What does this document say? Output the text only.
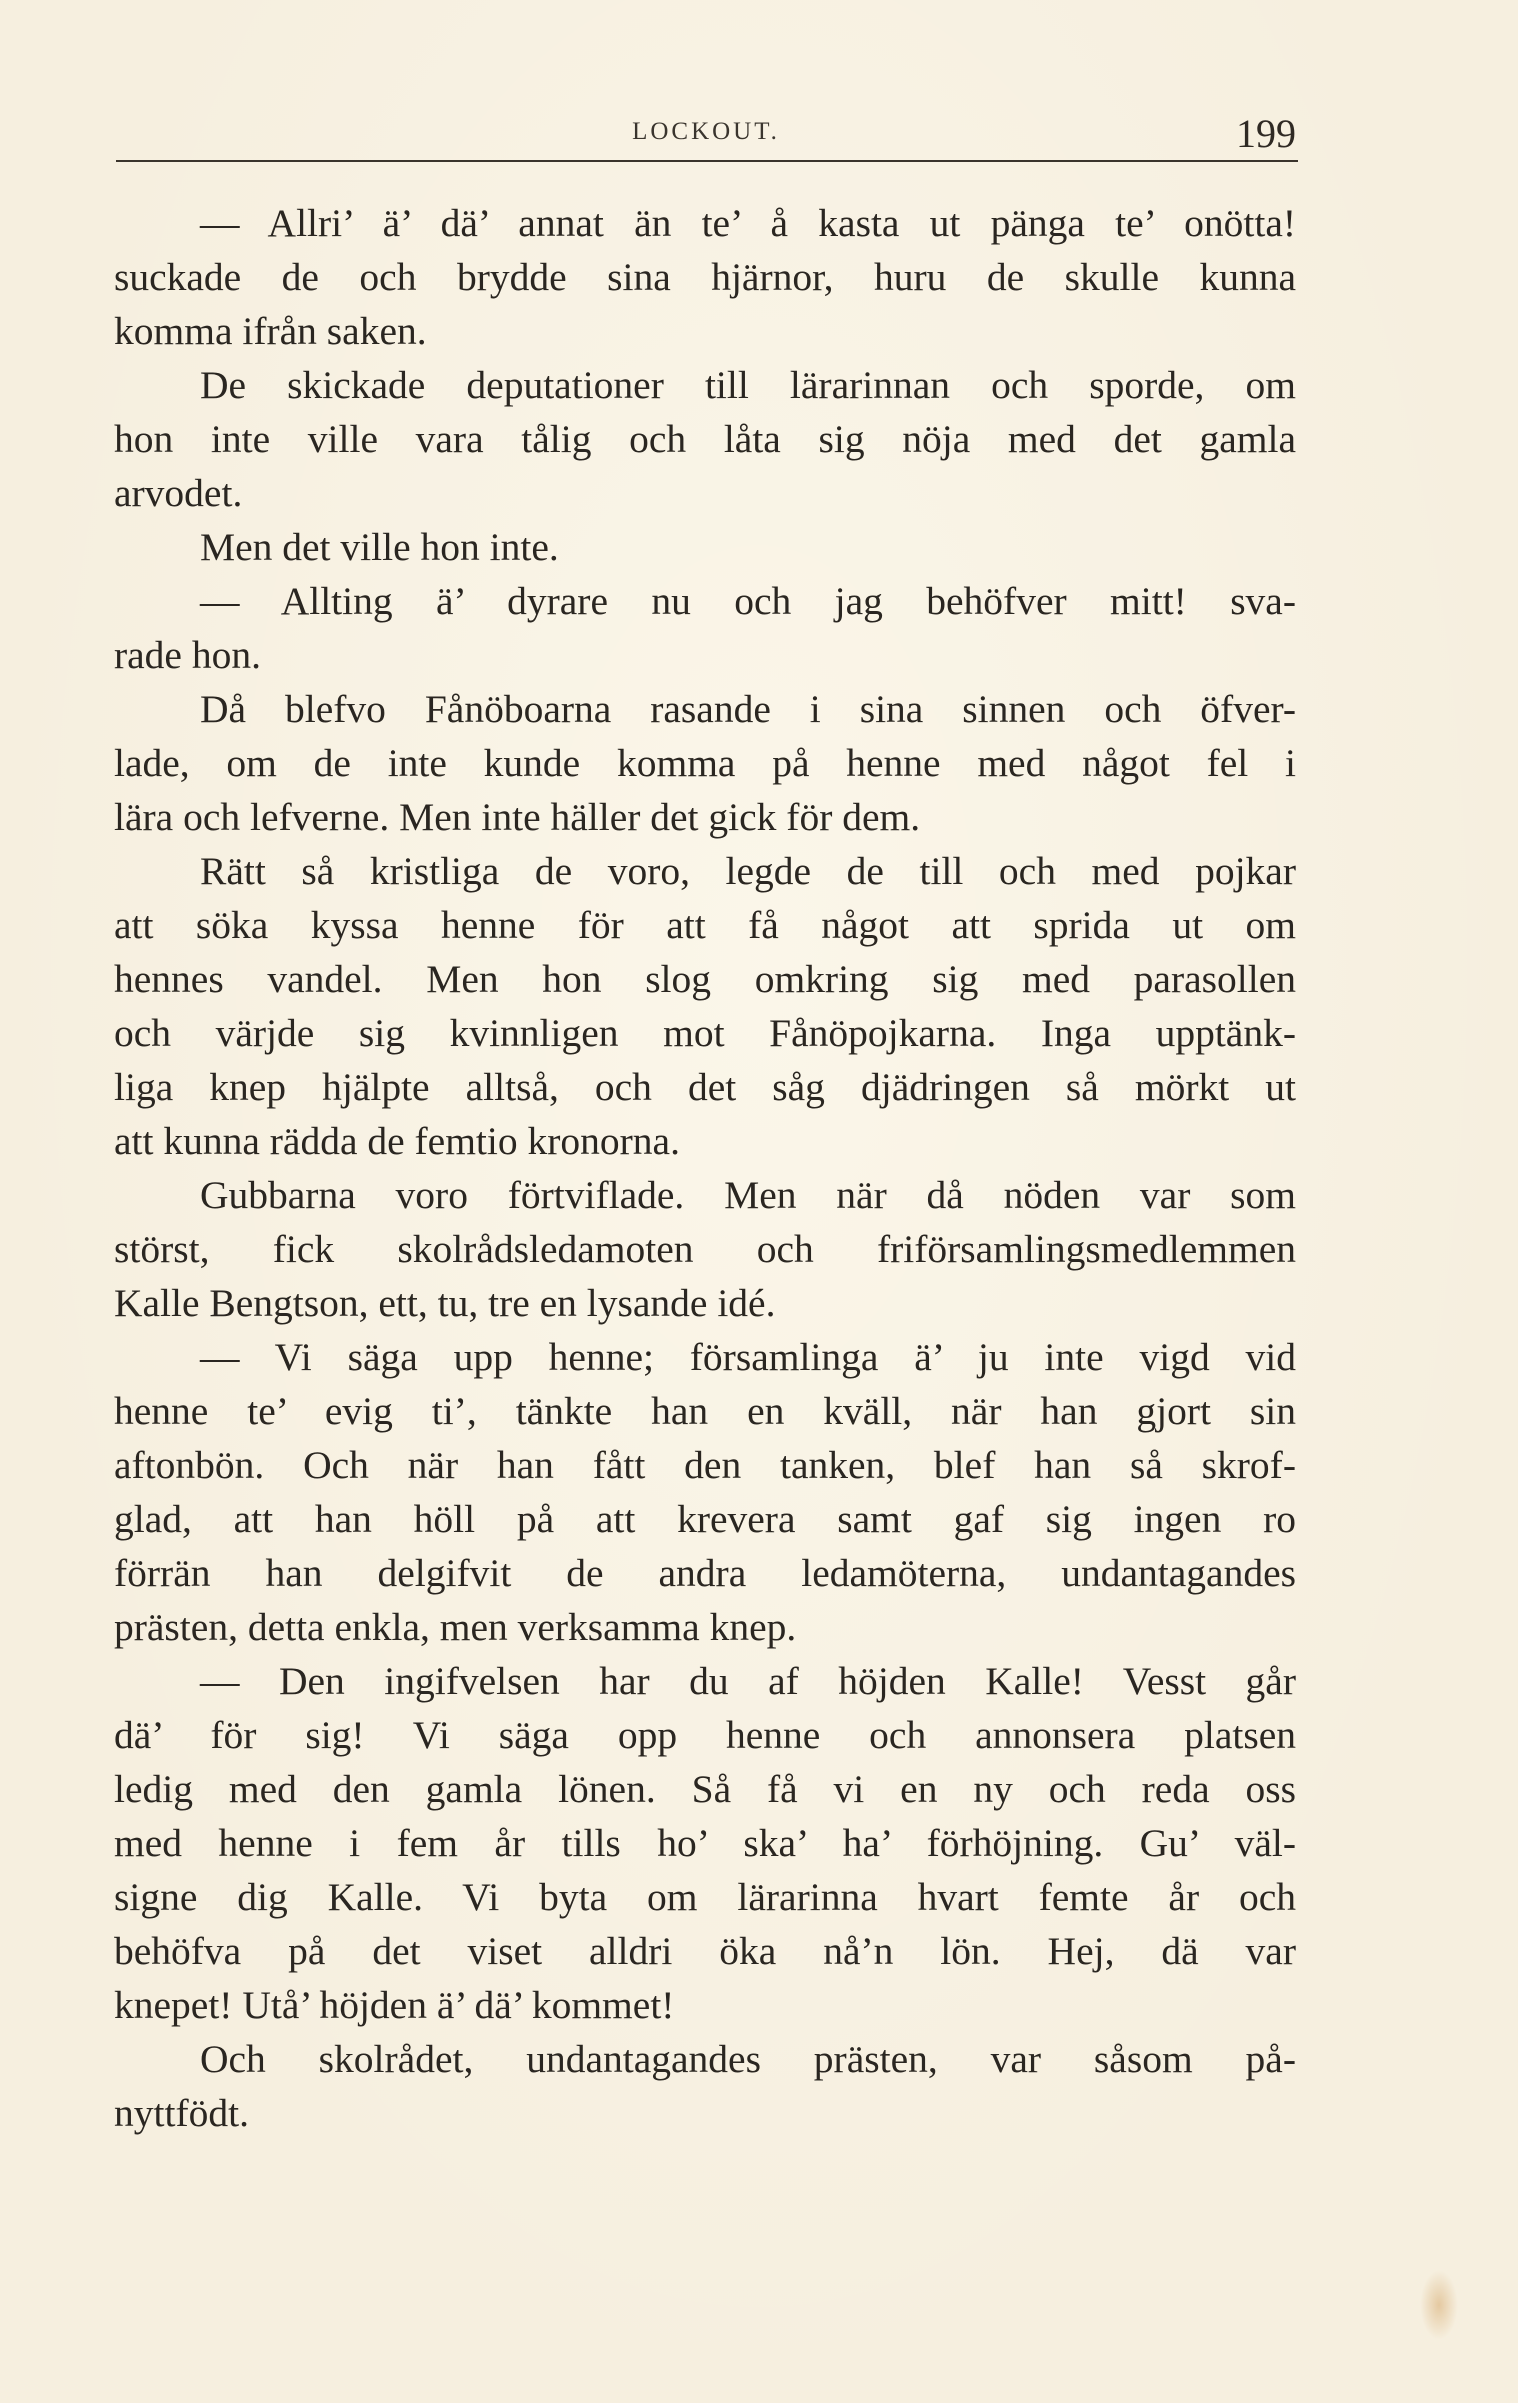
LOCKOUT.	199
— Allri’ ä’ dä’ annat än te’ å kasta ut pänga te’ onötta!
suckade de och brydde sina hjärnor, huru de skulle kunna
komma ifrån saken.
De skickade deputationer till lärarinnan och sporde, om
hon inte ville vara tålig och låta sig nöja med det gamla
arvodet.
Men det ville hon inte.
— Allting ä’ dyrare nu och jag behöfver mitt! sva-
rade hon.
Då blefvo Fånöboarna rasande i sina sinnen och öfver-
lade, om de inte kunde komma på henne med något fel i
lära och lefverne. Men inte häller det gick för dem.
Rätt så kristliga de voro, legde de till och med pojkar
att söka kyssa henne för att få något att sprida ut om
hennes vandel. Men hon slog omkring sig med parasollen
och värjde sig kvinnligen mot Fånöpojkarna. Inga upptänk-
liga knep hjälpte alltså, och det såg djädringen så mörkt ut
att kunna rädda de femtio kronorna.
Gubbarna voro förtviflade. Men när då nöden var som
störst, fick skolrådsledamoten och friförsamlingsmedlemmen
Kalle Bengtson, ett, tu, tre en lysande idé.
— Vi säga upp henne; församlinga ä’ ju inte vigd vid
henne te’ evig ti’, tänkte han en kväll, när han gjort sin
aftonbön. Och när han fått den tanken, blef han så skrof-
glad, att han höll på att krevera samt gaf sig ingen ro
förrän han delgifvit de andra ledamöterna, undantagandes
prästen, detta enkla, men verksamma knep.
— Den ingifvelsen har du af höjden Kalle! Vesst går
dä’ för sig! Vi säga opp henne och annonsera platsen
ledig med den gamla lönen. Så få vi en ny och reda oss
med henne i fem år tills ho’ ska’ ha’ förhöjning. Gu’ väl-
signe dig Kalle. Vi byta om lärarinna hvart femte år och
behöfva på det viset alldri öka nå’n lön. Hej, dä var
knepet! Utå’ höjden ä’ dä’ kommet!
Och skolrådet, undantagandes prästen, var såsom på-
nyttfödt.
